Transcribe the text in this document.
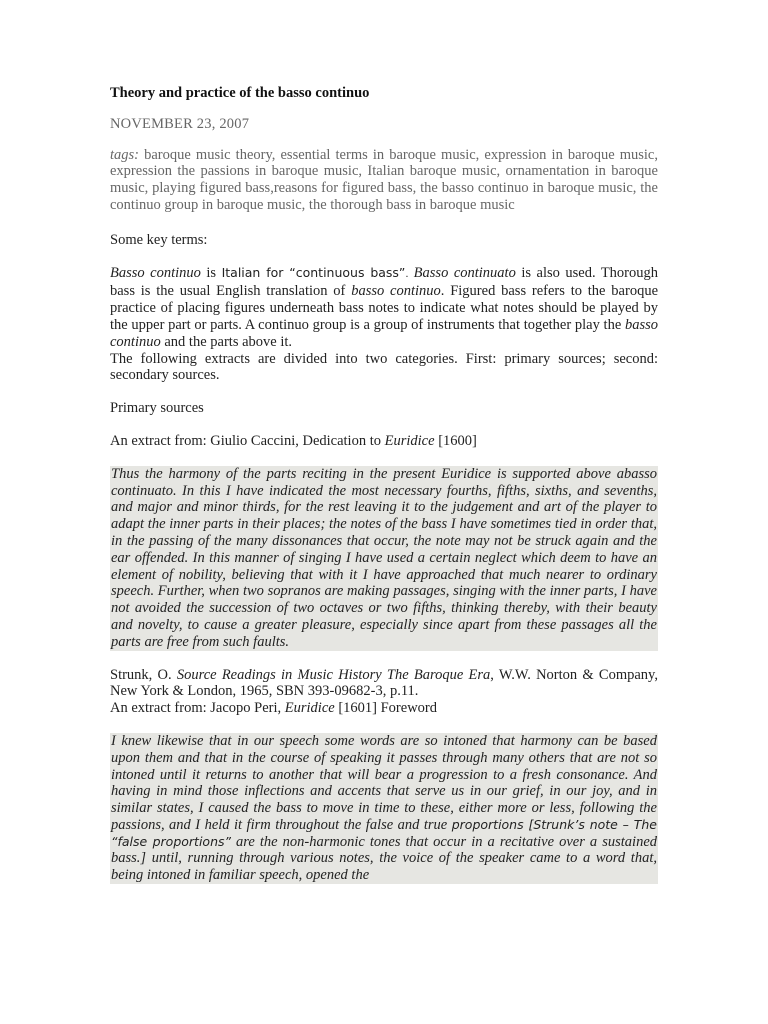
Theory and practice of the basso continuo

NOVEMBER 23, 2007

tags: baroque music theory, essential terms in baroque music, expression in baroque music, expression the passions in baroque music, Italian baroque music, ornamentation in baroque music, playing figured bass,reasons for figured bass, the basso continuo in baroque music, the continuo group in baroque music, the thorough bass in baroque music

Some key terms:

Basso continuo is Italian for “continuous bass”. Basso continuato is also used. Thorough bass is the usual English translation of basso continuo. Figured bass refers to the baroque practice of placing figures underneath bass notes to indicate what notes should be played by the upper part or parts. A continuo group is a group of instruments that together play the basso continuo and the parts above it.

The following extracts are divided into two categories. First: primary sources; second: secondary sources.

Primary sources

An extract from: Giulio Caccini, Dedication to Euridice [1600]

Thus the harmony of the parts reciting in the present Euridice is supported above abasso continuato. In this I have indicated the most necessary fourths, fifths, sixths, and sevenths, and major and minor thirds, for the rest leaving it to the judgement and art of the player to adapt the inner parts in their places; the notes of the bass I have sometimes tied in order that, in the passing of the many dissonances that occur, the note may not be struck again and the ear offended. In this manner of singing I have used a certain neglect which deem to have an element of nobility, believing that with it I have approached that much nearer to ordinary speech. Further, when two sopranos are making passages, singing with the inner parts, I have not avoided the succession of two octaves or two fifths, thinking thereby, with their beauty and novelty, to cause a greater pleasure, especially since apart from these passages all the parts are free from such faults.

Strunk, O. Source Readings in Music History The Baroque Era, W.W. Norton & Company, New York & London, 1965, SBN 393-09682-3, p.11.

An extract from: Jacopo Peri, Euridice [1601] Foreword

I knew likewise that in our speech some words are so intoned that harmony can be based upon them and that in the course of speaking it passes through many others that are not so intoned until it returns to another that will bear a progression to a fresh consonance. And having in mind those inflections and accents that serve us in our grief, in our joy, and in similar states, I caused the bass to move in time to these, either more or less, following the passions, and I held it firm throughout the false and true proportions [Strunk’s note – The “false proportions” are the non-harmonic tones that occur in a recitative over a sustained bass.] until, running through various notes, the voice of the speaker came to a word that, being intoned in familiar speech, opened the
